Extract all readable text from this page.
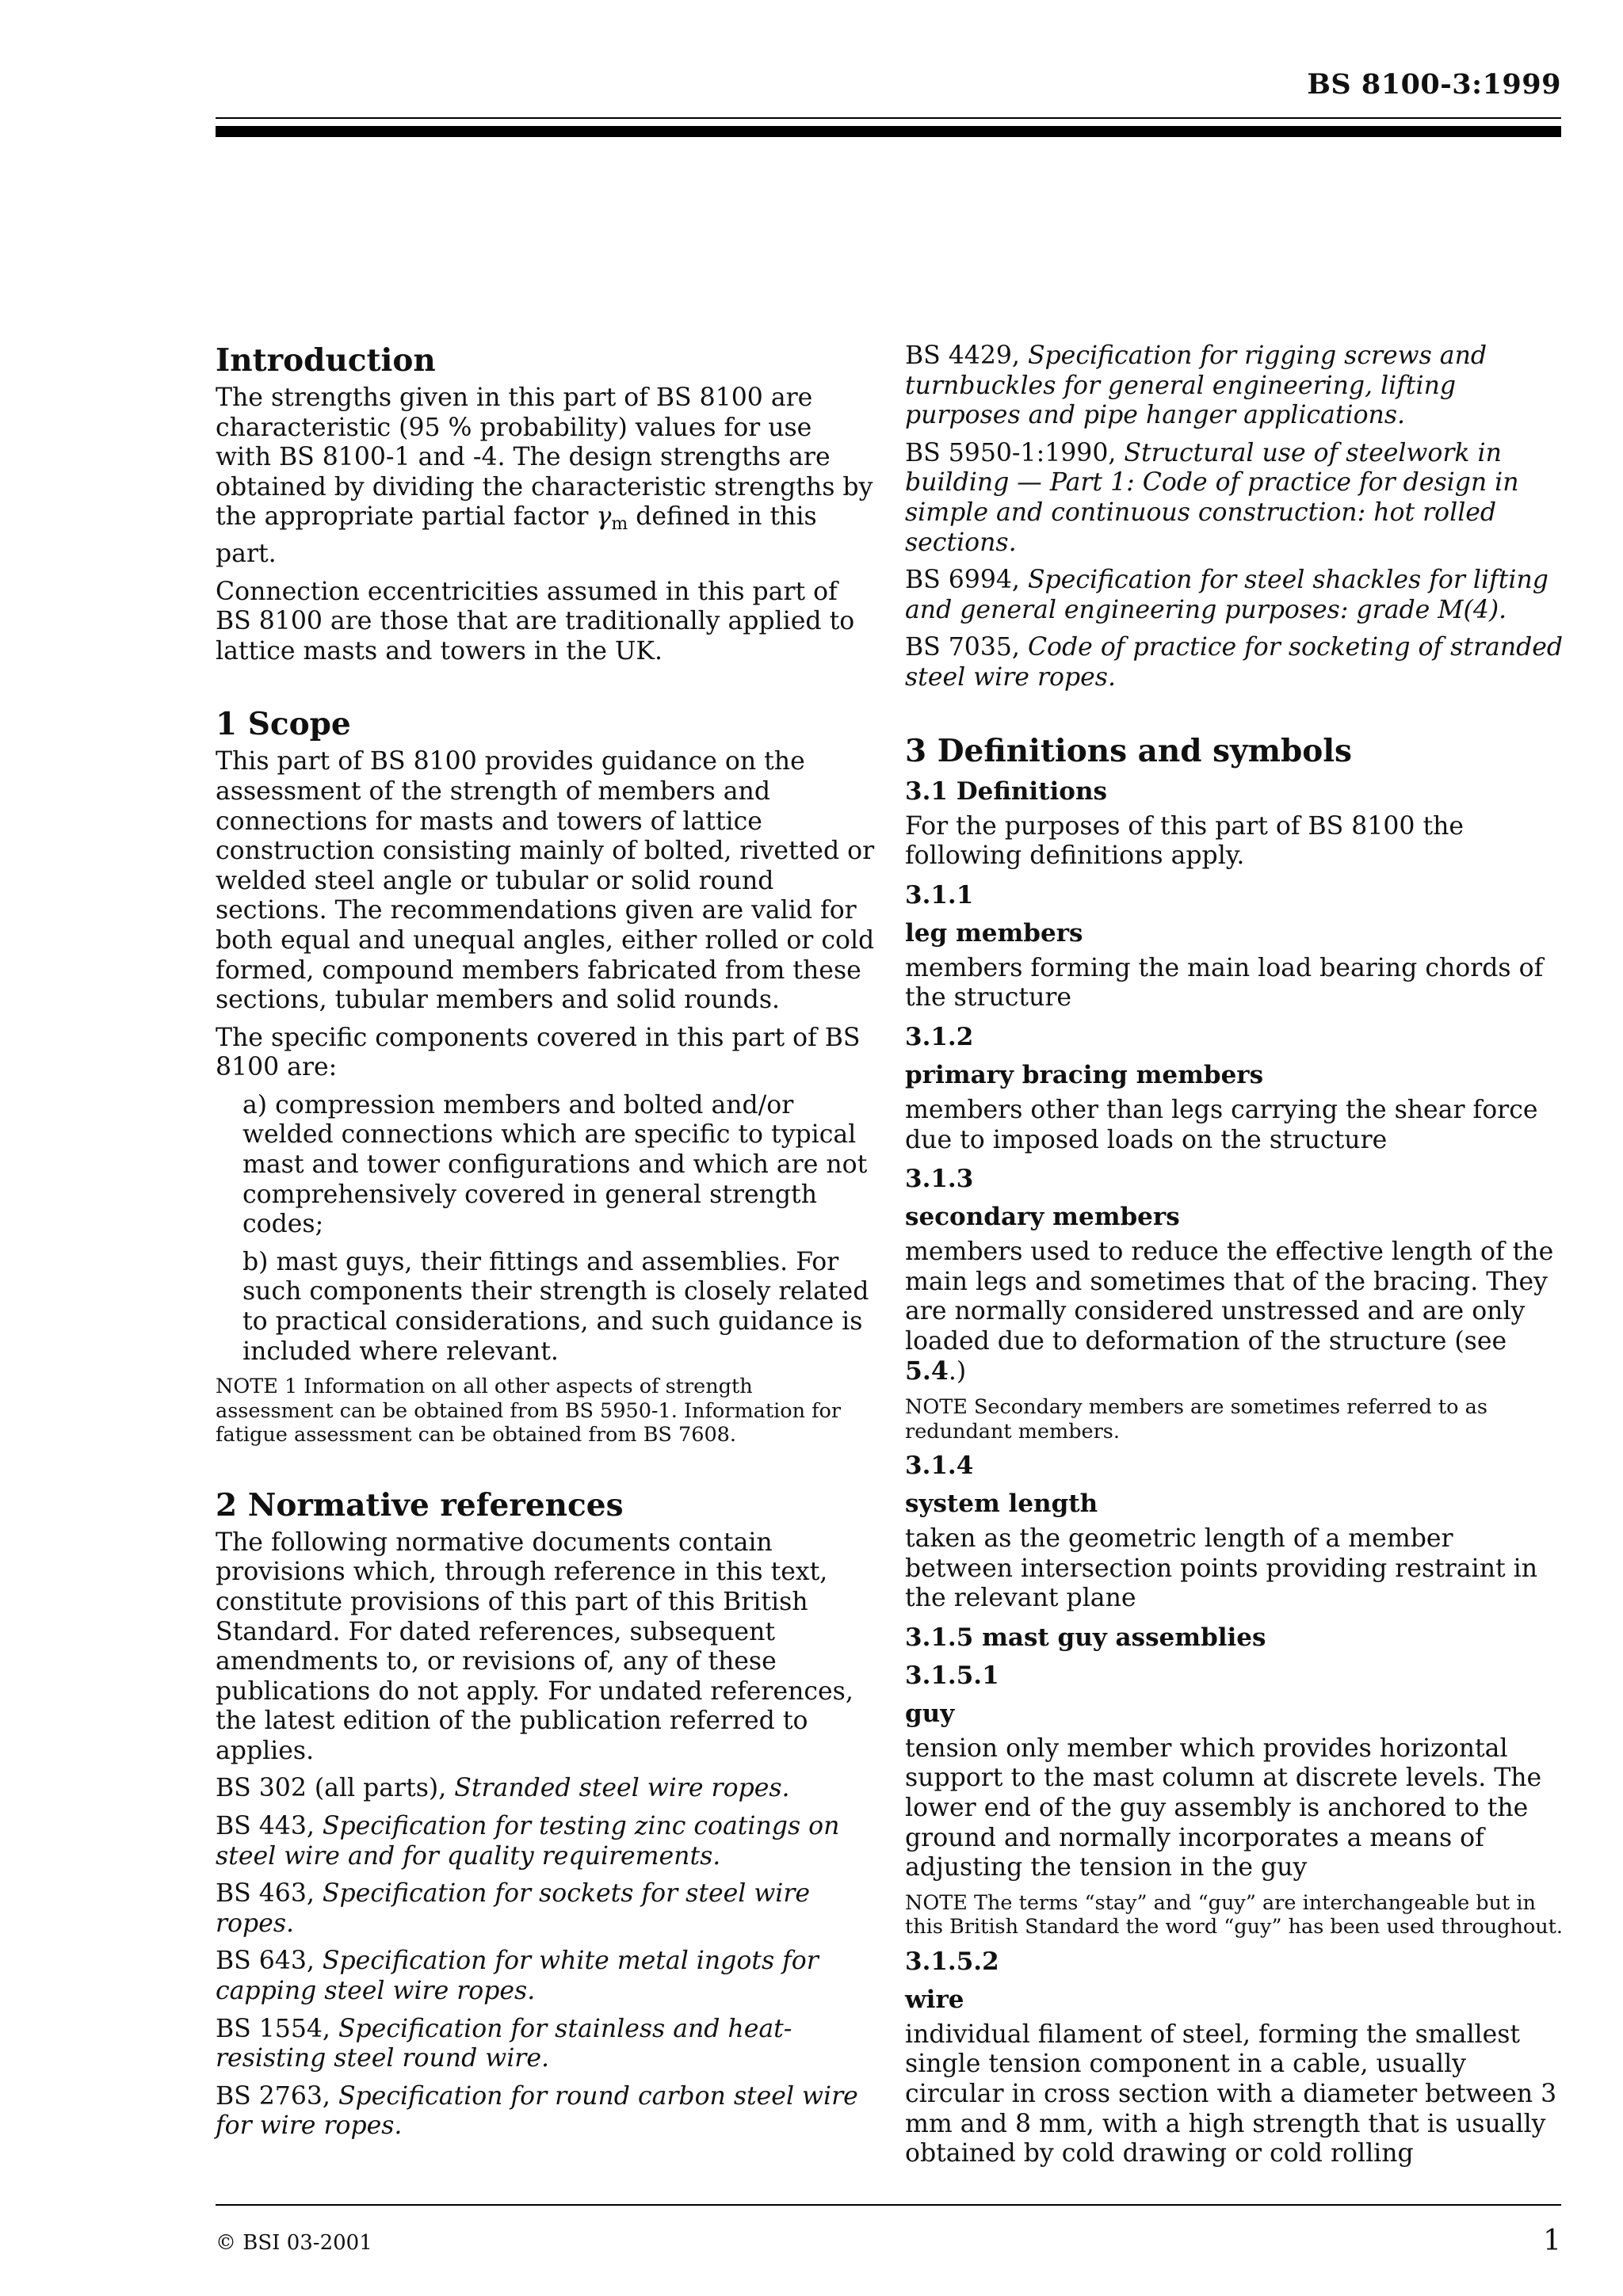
BS 8100-3:1999
Introduction

The strengths given in this part of BS 8100 are characteristic (95 % probability) values for use with BS 8100-1 and -4. The design strengths are obtained by dividing the characteristic strengths by the appropriate partial factor $\gamma_m$ defined in this part.

Connection eccentricities assumed in this part of BS 8100 are those that are traditionally applied to lattice masts and towers in the UK.

1 Scope

This part of BS 8100 provides guidance on the assessment of the strength of members and connections for masts and towers of lattice construction consisting mainly of bolted, rivetted or welded steel angle or tubular or solid round sections. The recommendations given are valid for both equal and unequal angles, either rolled or cold formed, compound members fabricated from these sections, tubular members and solid rounds.

The specific components covered in this part of BS 8100 are:

a) compression members and bolted and/or welded connections which are specific to typical mast and tower configurations and which are not comprehensively covered in general strength codes;

b) mast guys, their fittings and assemblies. For such components their strength is closely related to practical considerations, and such guidance is included where relevant.

NOTE 1 Information on all other aspects of strength assessment can be obtained from BS 5950-1. Information for fatigue assessment can be obtained from BS 7608.

2 Normative references

The following normative documents contain provisions which, through reference in this text, constitute provisions of this part of this British Standard. For dated references, subsequent amendments to, or revisions of, any of these publications do not apply. For undated references, the latest edition of the publication referred to applies.

BS 302 (all parts), Stranded steel wire ropes.

BS 443, Specification for testing zinc coatings on steel wire and for quality requirements.

BS 463, Specification for sockets for steel wire ropes.

BS 643, Specification for white metal ingots for capping steel wire ropes.

BS 1554, Specification for stainless and heat-resisting steel round wire.

BS 2763, Specification for round carbon steel wire for wire ropes.

BS 4429, Specification for rigging screws and turnbuckles for general engineering, lifting purposes and pipe hanger applications.

BS 5950-1:1990, Structural use of steelwork in building — Part 1: Code of practice for design in simple and continuous construction: hot rolled sections.

BS 6994, Specification for steel shackles for lifting and general engineering purposes: grade M(4).

BS 7035, Code of practice for socketing of stranded steel wire ropes.

3 Definitions and symbols
3.1 Definitions

For the purposes of this part of BS 8100 the following definitions apply.

3.1.1
leg members

members forming the main load bearing chords of the structure

3.1.2
primary bracing members

members other than legs carrying the shear force due to imposed loads on the structure

3.1.3
secondary members

members used to reduce the effective length of the main legs and sometimes that of the bracing. They are normally considered unstressed and are only loaded due to deformation of the structure (see 5.4.)

NOTE Secondary members are sometimes referred to as redundant members.

3.1.4
system length

taken as the geometric length of a member between intersection points providing restraint in the relevant plane

3.1.5 mast guy assemblies
3.1.5.1
guy

tension only member which provides horizontal support to the mast column at discrete levels. The lower end of the guy assembly is anchored to the ground and normally incorporates a means of adjusting the tension in the guy

NOTE The terms “stay” and “guy” are interchangeable but in this British Standard the word “guy” has been used throughout.

3.1.5.2
wire

individual filament of steel, forming the smallest single tension component in a cable, usually circular in cross section with a diameter between 3 mm and 8 mm, with a high strength that is usually obtained by cold drawing or cold rolling

© BSI 03-2001	1
